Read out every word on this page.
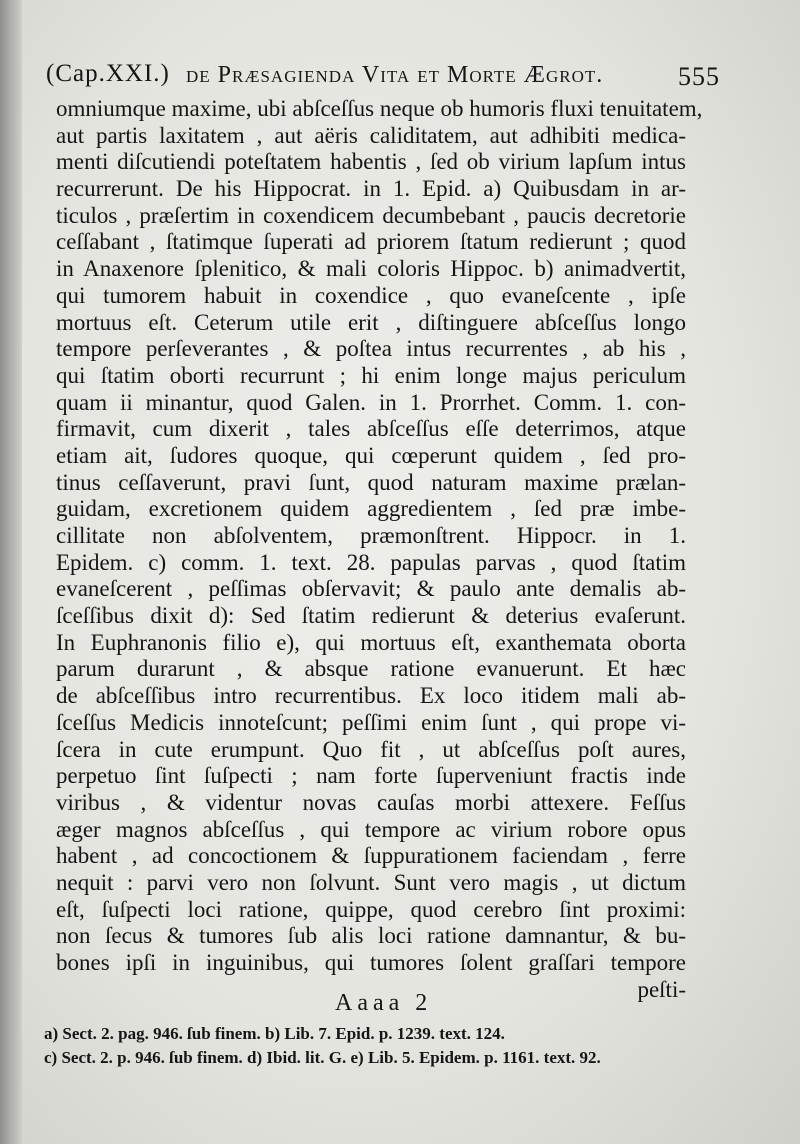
(Cap.XXI.) de Præsagienda Vita et Morte Ægrot.	555
omniumque maxime, ubi abſceſſus neque ob humoris fluxi tenuitatem,
aut partis laxitatem , aut aëris caliditatem, aut adhibiti medica-
menti diſcutiendi poteſtatem habentis , ſed ob virium lapſum intus
recurrerunt. De his Hippocrat. in 1. Epid. a) Quibusdam in ar-
ticulos , præſertim in coxendicem decumbebant , paucis decretorie
ceſſabant , ſtatimque ſuperati ad priorem ſtatum redierunt ; quod
in Anaxenore ſplenitico, & mali coloris Hippoc. b) animadvertit,
qui tumorem habuit in coxendice , quo evaneſcente , ipſe
mortuus eſt. Ceterum utile erit , diſtinguere abſceſſus longo
tempore perſeverantes , & poſtea intus recurrentes , ab his ,
qui ſtatim oborti recurrunt ; hi enim longe majus periculum
quam ii minantur, quod Galen. in 1. Prorrhet. Comm. 1. con-
firmavit, cum dixerit , tales abſceſſus eſſe deterrimos, atque
etiam ait, ſudores quoque, qui cœperunt quidem , ſed pro-
tinus ceſſaverunt, pravi ſunt, quod naturam maxime prælan-
guidam, excretionem quidem aggredientem , ſed præ imbe-
cillitate non abſolventem, præmonſtrent. Hippocr. in 1.
Epidem. c) comm. 1. text. 28. papulas parvas , quod ſtatim
evaneſcerent , peſſimas obſervavit; & paulo ante demalis ab-
ſceſſibus dixit d): Sed ſtatim redierunt & deterius evaſerunt.
In Euphranonis filio e), qui mortuus eſt, exanthemata oborta
parum durarunt , & absque ratione evanuerunt. Et hæc
de abſceſſibus intro recurrentibus. Ex loco itidem mali ab-
ſceſſus Medicis innoteſcunt; peſſimi enim ſunt , qui prope vi-
ſcera in cute erumpunt. Quo fit , ut abſceſſus poſt aures,
perpetuo ſint ſuſpecti ; nam forte ſuperveniunt fractis inde
viribus , & videntur novas cauſas morbi attexere. Feſſus
æger magnos abſceſſus , qui tempore ac virium robore opus
habent , ad concoctionem & ſuppurationem faciendam , ferre
nequit : parvi vero non ſolvunt. Sunt vero magis , ut dictum
eſt, ſuſpecti loci ratione, quippe, quod cerebro ſint proximi:
non ſecus & tumores ſub alis loci ratione damnantur, & bu-
bones ipſi in inguinibus, qui tumores ſolent graſſari tempore
peſti-
Aaaa 2
a) Sect. 2. pag. 946. ſub finem. b) Lib. 7. Epid. p. 1239. text. 124.
c) Sect. 2. p. 946. ſub finem. d) Ibid. lit. G. e) Lib. 5. Epidem. p. 1161. text. 92.
